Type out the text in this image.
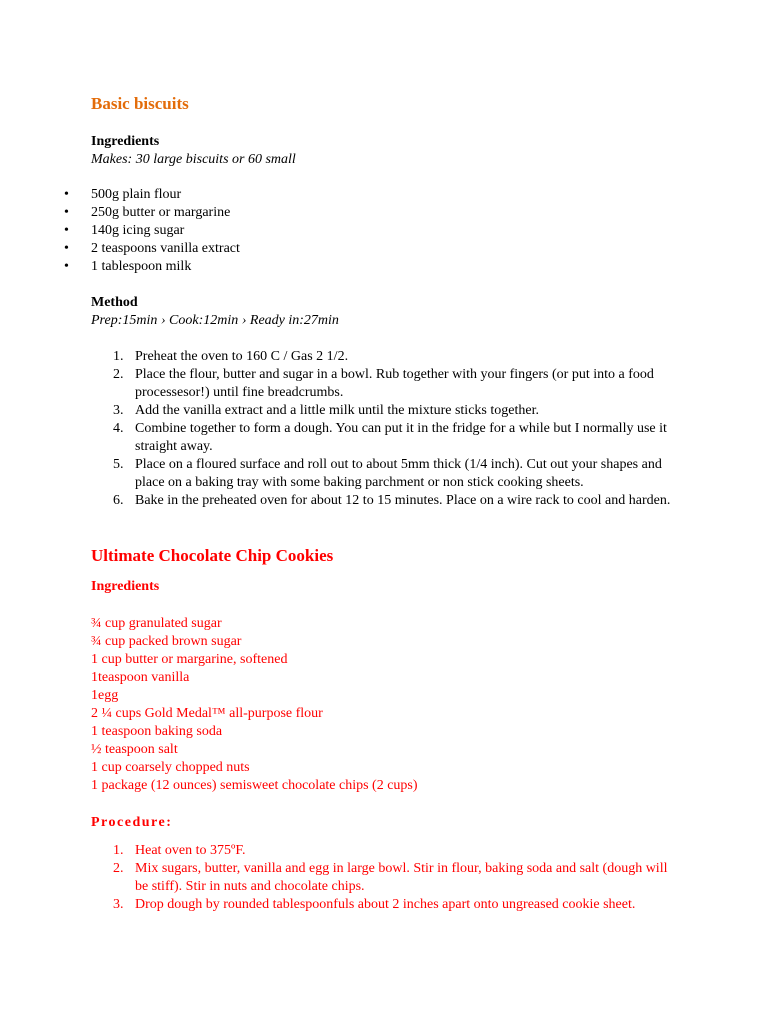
Basic biscuits
Ingredients
Makes: 30 large biscuits or 60 small
• 500g plain flour
• 250g butter or margarine
• 140g icing sugar
• 2 teaspoons vanilla extract
• 1 tablespoon milk
Method
Prep:15min › Cook:12min › Ready in:27min
1. Preheat the oven to 160 C / Gas 2 1/2.
2. Place the flour, butter and sugar in a bowl. Rub together with your fingers (or put into a food processesor!) until fine breadcrumbs.
3. Add the vanilla extract and a little milk until the mixture sticks together.
4. Combine together to form a dough. You can put it in the fridge for a while but I normally use it straight away.
5. Place on a floured surface and roll out to about 5mm thick (1/4 inch). Cut out your shapes and place on a baking tray with some baking parchment or non stick cooking sheets.
6. Bake in the preheated oven for about 12 to 15 minutes. Place on a wire rack to cool and harden.
Ultimate Chocolate Chip Cookies
Ingredients
¾ cup granulated sugar
¾ cup packed brown sugar
1 cup butter or margarine, softened
1teaspoon vanilla
1egg
2 ¼ cups Gold Medal™ all-purpose flour
1 teaspoon baking soda
½ teaspoon salt
1 cup coarsely chopped nuts
1 package (12 ounces) semisweet chocolate chips (2 cups)
Procedure:
1. Heat oven to 375ºF.
2. Mix sugars, butter, vanilla and egg in large bowl. Stir in flour, baking soda and salt (dough will be stiff). Stir in nuts and chocolate chips.
3. Drop dough by rounded tablespoonfuls about 2 inches apart onto ungreased cookie sheet.
